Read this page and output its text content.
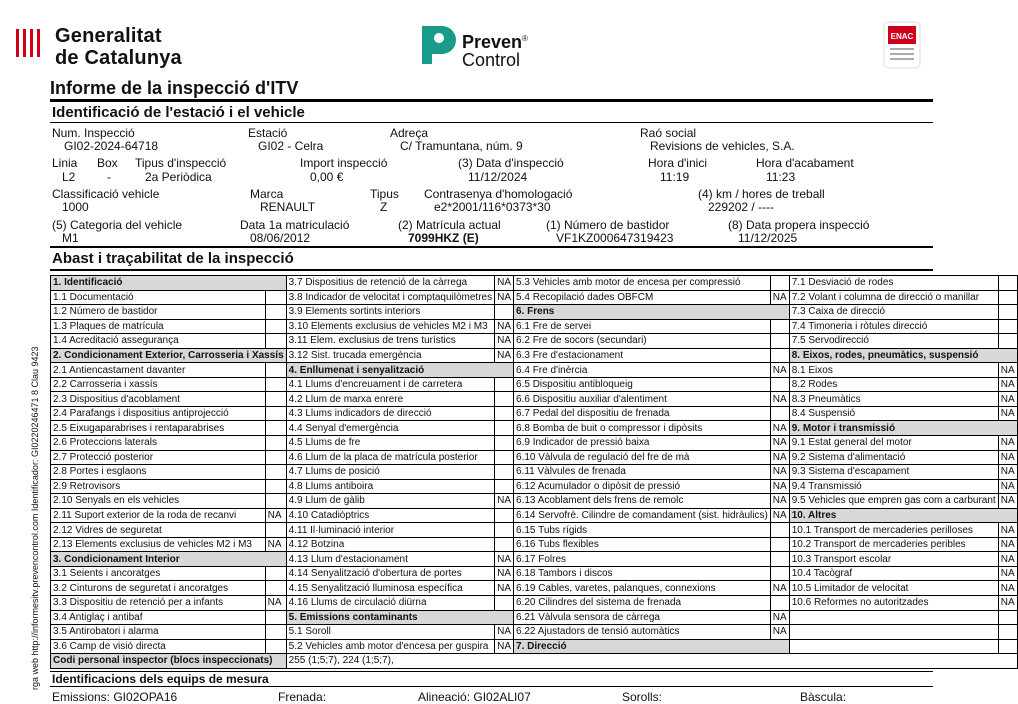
Generalitat
de Catalunya
Preven®
Control
ENAC
Informe de la inspecció d'ITV
Identificació de l'estació i el vehicle
Num. Inspecció
GI02-2024-64718
Estació
GI02 - Celra
Adreça
C/ Tramuntana, núm. 9
Raó social
Revisions de vehicles, S.A.
Linia
L2
Box
-
Tipus d'inspecció
2a Periòdica
Import inspecció
0,00 €
(3) Data d'inspecció
11/12/2024
Hora d'inici
11:19
Hora d'acabament
11:23
Classificació vehicle
1000
Marca
RENAULT
Tipus
Z
Contrasenya d'homologació
e2*2001/116*0373*30
(4) km / hores de treball
229202 / ----
(5) Categoria del vehicle
M1
Data 1a matriculació
08/06/2012
(2) Matrícula actual
7099HKZ (E)
(1) Número de bastidor
VF1KZ000647319423
(8) Data propera inspecció
11/12/2025
Abast i traçabilitat de la inspecció
1. Identificació		3.7 Dispositius de retenció de la càrrega	NA	5.3 Vehicles amb motor de encesa per compressió		7.1 Desviació de rodes	
1.1 Documentació		3.8 Indicador de velocitat i comptaquilòmetres	NA	5.4 Recopilació dades OBFCM	NA	7.2 Volant i columna de direcció o manillar	
1.2 Número de bastidor		3.9 Elements sortints interiors		6. Frens		7.3 Caixa de direcció	
1.3 Plaques de matrícula		3.10 Elements exclusius de vehicles M2 i M3	NA	6.1 Fre de servei		7.4 Timoneria i ròtules direcció	
1.4 Acreditació assegurança		3.11 Elem. exclusius de trens turístics	NA	6.2 Fre de socors (secundari)		7.5 Servodirecció	
2. Condicionament Exterior, Carrosseria i Xassís		3.12 Sist. trucada emergència	NA	6.3 Fre d'estacionament		8. Eixos, rodes, pneumàtics, suspensió	
2.1 Antiencastament davanter		4. Enllumenat i senyalització		6.4 Fre d'inèrcia	NA	8.1 Eixos	NA
2.2 Carrosseria i xassís		4.1 Llums d'encreuament i de carretera		6.5 Dispositiu antibloqueig		8.2 Rodes	NA
2.3 Dispositius d'acoblament		4.2 Llum de marxa enrere		6.6 Dispositiu auxiliar d'alentiment	NA	8.3 Pneumàtics	NA
2.4 Parafangs i dispositius antiprojecció		4.3 Llums indicadors de direcció		6.7 Pedal del dispositiu de frenada		8.4 Suspensió	NA
2.5 Eixugaparabrises i rentaparabrises		4.4 Senyal d'emergència		6.8 Bomba de buit o compressor i dipòsits	NA	9. Motor i transmissió	
2.6 Proteccions laterals		4.5 Llums de fre		6.9 Indicador de pressió baixa	NA	9.1 Estat general del motor	NA
2.7 Protecció posterior		4.6 Llum de la placa de matrícula posterior		6.10 Vàlvula de regulació del fre de mà	NA	9.2 Sistema d'alimentació	NA
2.8 Portes i esglaons		4.7 Llums de posició		6.11 Vàlvules de frenada	NA	9.3 Sistema d'escapament	NA
2.9 Retrovisors		4.8 Llums antiboira		6.12 Acumulador o dipòsit de pressió	NA	9.4 Transmissió	NA
2.10 Senyals en els vehicles		4.9 Llum de gàlib	NA	6.13 Acoblament dels frens de remolc	NA	9.5 Vehicles que empren gas com a carburant	NA
2.11 Suport exterior de la roda de recanvi	NA	4.10 Catadiòptrics		6.14 Servofrè. Cilindre de comandament (sist. hidràulics)	NA	10. Altres	
2.12 Vidres de seguretat		4.11 Il·luminació interior		6.15 Tubs rígids		10.1 Transport de mercaderies perilloses	NA
2.13 Elements exclusius de vehicles M2 i M3	NA	4.12 Botzina		6.16 Tubs flexibles		10.2 Transport de mercaderies peribles	NA
3. Condicionament Interior		4.13 Llum d'estacionament	NA	6.17 Folres		10.3 Transport escolar	NA
3.1 Seients i ancoratges		4.14 Senyalització d'obertura de portes	NA	6.18 Tambors i discos		10.4 Tacògraf	NA
3.2 Cinturons de seguretat i ancoratges		4.15 Senyalització lluminosa específica	NA	6.19 Cables, varetes, palanques, connexions	NA	10.5 Limitador de velocitat	NA
3.3 Dispositiu de retenció per a infants	NA	4.16 Llums de circulació diürna		6.20 Cilindres del sistema de frenada		10.6 Reformes no autoritzades	NA
3.4 Antiglaç i antibaf		5. Emissions contaminants		6.21 Vàlvula sensora de càrrega	NA		
3.5 Antirobatori i alarma		5.1 Soroll	NA	6.22 Ajustadors de tensió automàtics	NA		
3.6 Camp de visió directa		5.2 Vehicles amb motor d'encesa per guspira	NA	7. Direcció			
Codi personal inspector (blocs inspeccionats)		255 (1;5;7), 224 (1;5;7),					
Identificacions dels equips de mesura
Emissions: GI02OPA16	Frenada:	Alineació: GI02ALI07	Sorolls:	Bàscula:
rga web http://informesitv.prevencontrol.com Identificador: GI0220246471 8 Clau 9423
